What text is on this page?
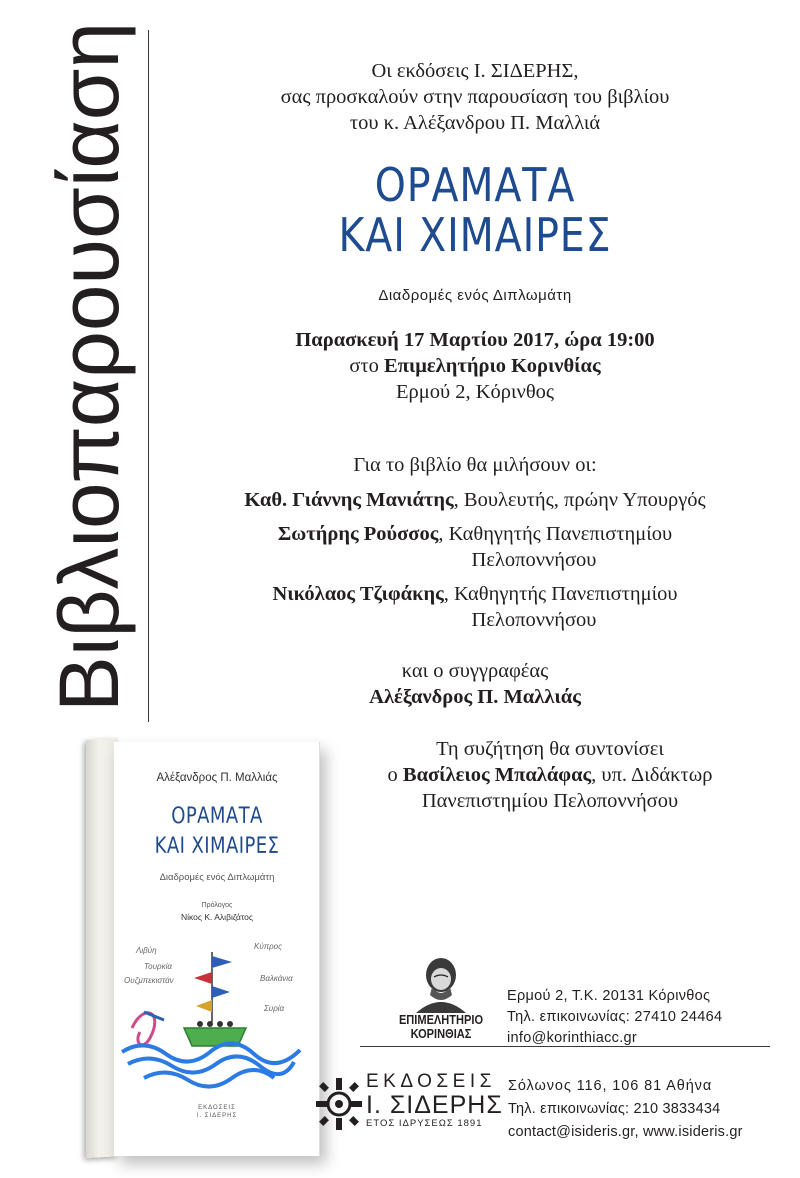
Βιβλιοπαρουσίαση	Οι εκδόσεις Ι. ΣΙΔΕΡΗΣ,
σας προσκαλούν στην παρουσίαση του βιβλίου
του κ. Αλέξανδρου Π. Μαλλιά
ΟΡΑΜΑΤΑ
ΚΑΙ ΧΙΜΑΙΡΕΣ
Διαδρομές ενός Διπλωμάτη
Παρασκευή 17 Μαρτίου 2017, ώρα 19:00
στο Επιμελητήριο Κορινθίας
Ερμού 2, Κόρινθος
Για το βιβλίο θα μιλήσουν οι:
Καθ. Γιάννης Μανιάτης, Βουλευτής, πρώην Υπουργός
Σωτήρης Ρούσσος, Καθηγητής Πανεπιστημίου
Πελοποννήσου
Νικόλαος Τζιφάκης, Καθηγητής Πανεπιστημίου
Πελοποννήσου
και ο συγγραφέας
Αλέξανδρος Π. Μαλλιάς
Τη συζήτηση θα συντονίσει
ο Βασίλειος Μπαλάφας, υπ. Διδάκτωρ
Πανεπιστημίου Πελοποννήσου
Αλέξανδρος Π. Μαλλιάς
ΟΡΑΜΑΤΑ
ΚΑΙ ΧΙΜΑΙΡΕΣ
Διαδρομές ενός Διπλωμάτη
Πρόλογος
Νίκος Κ. Αλιβιζάτος
Λιβύη
Τουρκία
Ουζμπεκιστάν
Κύπρος
Βαλκάνια
Συρία
ΕΚΔΟΣΕΙΣ
Ι. ΣΙΔΕΡΗΣ
ΕΠΙΜΕΛΗΤΗΡΙΟ
ΚΟΡΙΝΘΙΑΣ
Ερμού 2, Τ.Κ. 20131 Κόρινθος
Τηλ. επικοινωνίας: 27410 24464
info@korinthiacc.gr
ΕΚΔΟΣΕΙΣ
Ι. ΣΙΔΕΡΗΣ
ΕΤΟΣ ΙΔΡΥΣΕΩΣ 1891
Σόλωνος 116, 106 81 Αθήνα
Τηλ. επικοινωνίας: 210 3833434
contact@isideris.gr, www.isideris.gr
